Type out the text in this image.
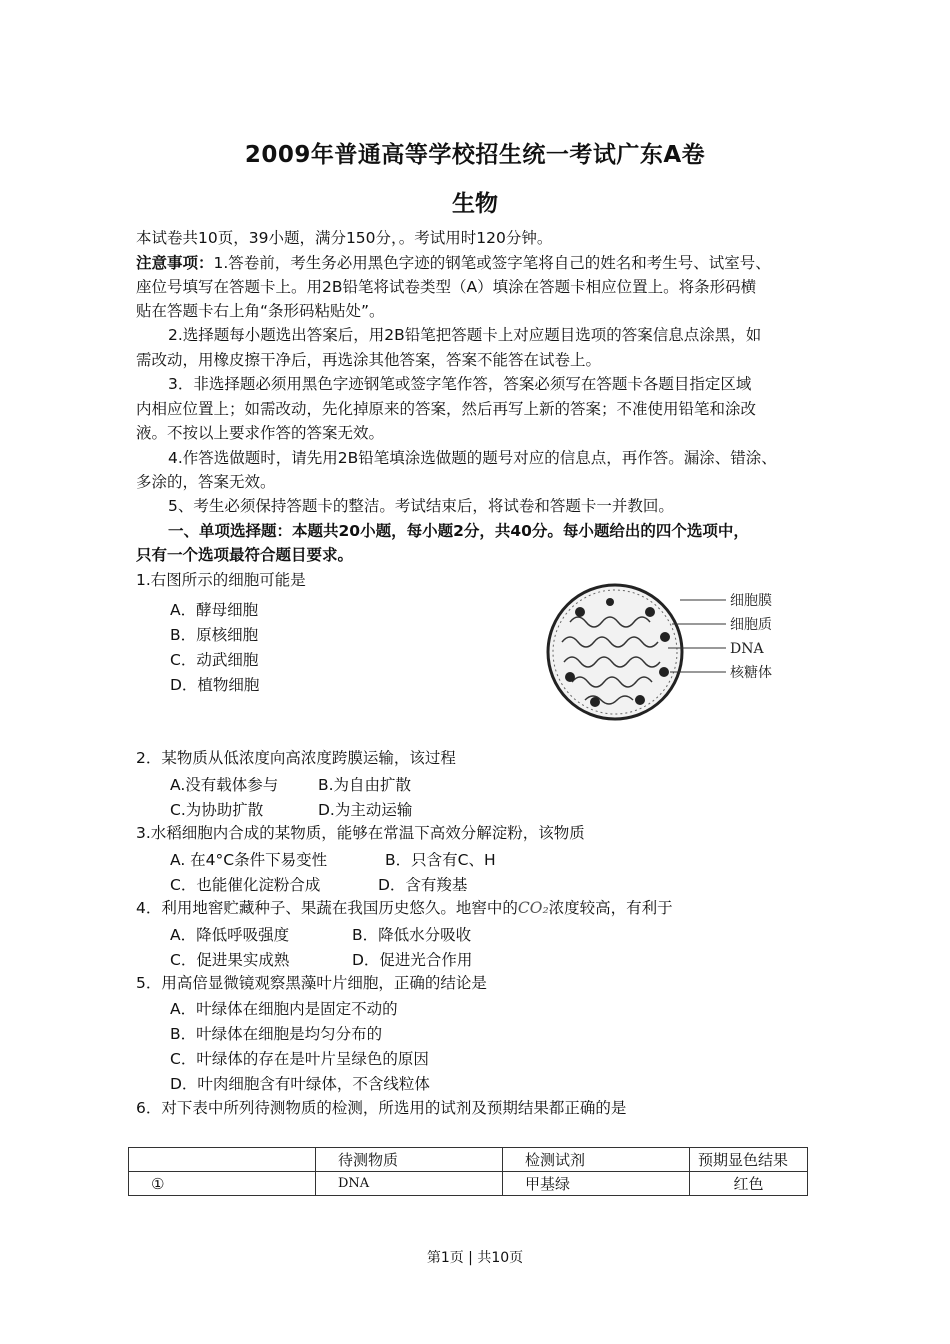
2009年普通高等学校招生统一考试广东A卷
生物
本试卷共10页，39小题，满分150分，。考试用时120分钟。
注意事项：1.答卷前，考生务必用黑色字迹的钢笔或签字笔将自己的姓名和考生号、试室号、
座位号填写在答题卡上。用2B铅笔将试卷类型（A）填涂在答题卡相应位置上。将条形码横
贴在答题卡右上角“条形码粘贴处”。
2.选择题每小题选出答案后，用2B铅笔把答题卡上对应题目选项的答案信息点涂黑，如
需改动，用橡皮擦干净后，再选涂其他答案，答案不能答在试卷上。
3．非选择题必须用黑色字迹钢笔或签字笔作答，答案必须写在答题卡各题目指定区域
内相应位置上；如需改动，先化掉原来的答案，然后再写上新的答案；不准使用铅笔和涂改
液。不按以上要求作答的答案无效。
4.作答选做题时，请先用2B铅笔填涂选做题的题号对应的信息点，再作答。漏涂、错涂、
多涂的，答案无效。
5、考生必须保持答题卡的整洁。考试结束后，将试卷和答题卡一并教回。
一、单项选择题：本题共20小题，每小题2分，共40分。每小题给出的四个选项中，
只有一个选项最符合题目要求。
1.右图所示的细胞可能是
A．酵母细胞
B．原核细胞
C．动武细胞
D．植物细胞
细胞膜
细胞质
DNA
核糖体
2．某物质从低浓度向高浓度跨膜运输，该过程
A.没有载体参与	B.为自由扩散
C.为协助扩散	D.为主动运输
3.水稻细胞内合成的某物质，能够在常温下高效分解淀粉，该物质
A. 在4°C条件下易变性	B．只含有C、H
C．也能催化淀粉合成	D．含有羧基
4．利用地窖贮藏种子、果蔬在我国历史悠久。地窖中的CO₂浓度较高，有利于
A．降低呼吸强度	B．降低水分吸收
C．促进果实成熟	D．促进光合作用
5．用高倍显微镜观察黑藻叶片细胞，正确的结论是
A．叶绿体在细胞内是固定不动的
B．叶绿体在细胞是均匀分布的
C．叶绿体的存在是叶片呈绿色的原因
D．叶肉细胞含有叶绿体，不含线粒体
6．对下表中所列待测物质的检测，所选用的试剂及预期结果都正确的是
	待测物质	检测试剂	预期显色结果
①	DNA	甲基绿	红色
第1页 | 共10页
